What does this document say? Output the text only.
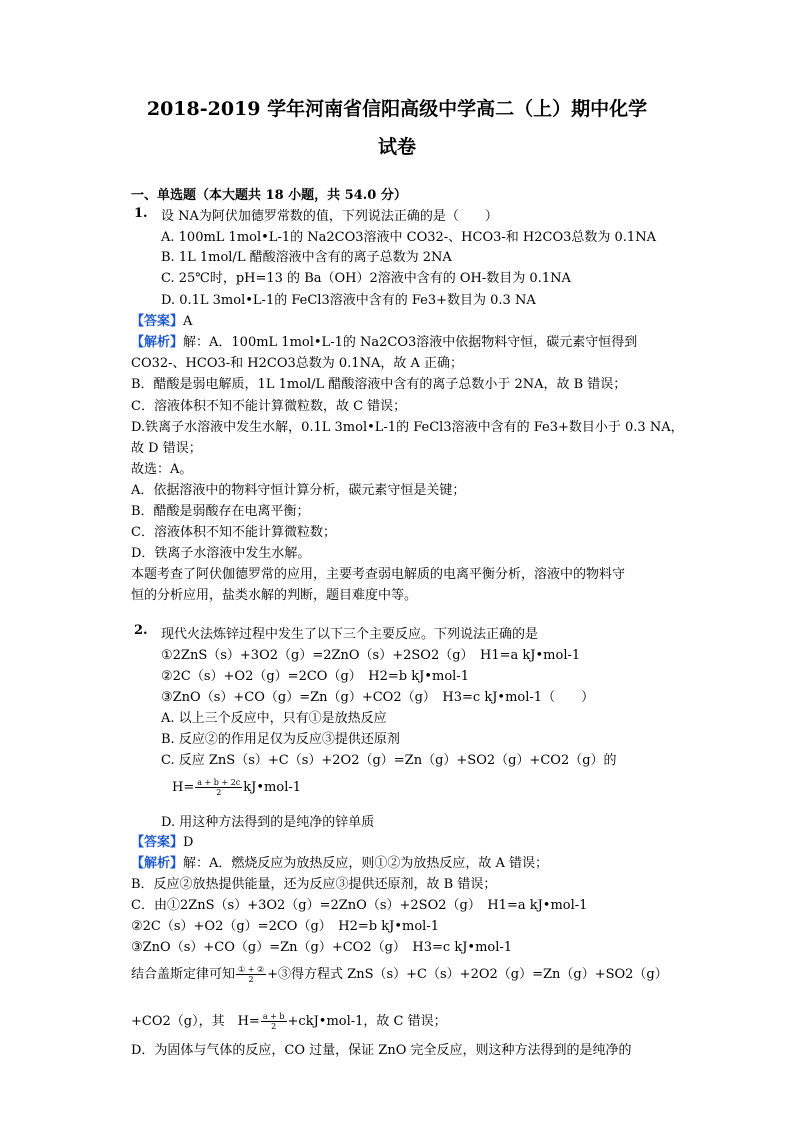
2018-2019 学年河南省信阳高级中学高二（上）期中化学
试卷
一、单选题（本大题共 18 小题，共 54.0 分）
1. 设 NA为阿伏加德罗常数的值，下列说法正确的是（　　）
A. 100mL 1mol•L-1的 Na2CO3溶液中 CO32-、HCO3-和 H2CO3总数为 0.1NA
B. 1L 1mol/L 醋酸溶液中含有的离子总数为 2NA
C. 25℃时，pH=13 的 Ba（OH）2溶液中含有的 OH-数目为 0.1NA
D. 0.1L 3mol•L-1的 FeCl3溶液中含有的 Fe3+数目为 0.3 NA
【答案】A
【解析】解：A．100mL 1mol•L-1的 Na2CO3溶液中依据物料守恒，碳元素守恒得到
CO32-、HCO3-和 H2CO3总数为 0.1NA，故 A 正确；
B．醋酸是弱电解质，1L 1mol/L 醋酸溶液中含有的离子总数小于 2NA，故 B 错误；
C．溶液体积不知不能计算微粒数，故 C 错误；
D.铁离子水溶液中发生水解，0.1L 3mol•L-1的 FeCl3溶液中含有的 Fe3+数目小于 0.3 NA，
故 D 错误；
故选：A。
A．依据溶液中的物料守恒计算分析，碳元素守恒是关键；
B．醋酸是弱酸存在电离平衡；
C．溶液体积不知不能计算微粒数；
D．铁离子水溶液中发生水解。
本题考查了阿伏伽德罗常的应用，主要考查弱电解质的电离平衡分析，溶液中的物料守
恒的分析应用，盐类水解的判断，题目难度中等。
2. 现代火法炼锌过程中发生了以下三个主要反应。下列说法正确的是
①2ZnS（s）+3O2（g）=2ZnO（s）+2SO2（g）　H1=a kJ•mol-1
②2C（s）+O2（g）=2CO（g）　H2=b kJ•mol-1
③ZnO（s）+CO（g）=Zn（g）+CO2（g）　H3=c kJ•mol-1（　　）
A. 以上三个反应中，只有①是放热反应
B. 反应②的作用足仅为反应③提供还原剂
C. 反应 ZnS（s）+C（s）+2O2（g）=Zn（g）+SO2（g）+CO2（g）的
$H= \frac{a + b + 2c}{2}$ kJ•mol-1
D. 用这种方法得到的是纯净的锌单质
【答案】D
【解析】解：A．燃烧反应为放热反应，则①②为放热反应，故 A 错误；
B．反应②放热提供能量，还为反应③提供还原剂，故 B 错误；
C．由①2ZnS（s）+3O2（g）=2ZnO（s）+2SO2（g）　H1=a kJ•mol-1
②2C（s）+O2（g）=2CO（g）　H2=b kJ•mol-1
③ZnO（s）+CO（g）=Zn（g）+CO2（g）　H3=c kJ•mol-1
结合盖斯定律可知 $\frac{\text{① + ②}}{2}$ +③得方程式 ZnS（s）+C（s）+2O2（g）=Zn（g）+SO2（g）
+CO2（g），其　$H= \frac{a + b}{2}$ +ckJ•mol-1，故 C 错误；
D．为固体与气体的反应，CO 过量，保证 ZnO 完全反应，则这种方法得到的是纯净的
